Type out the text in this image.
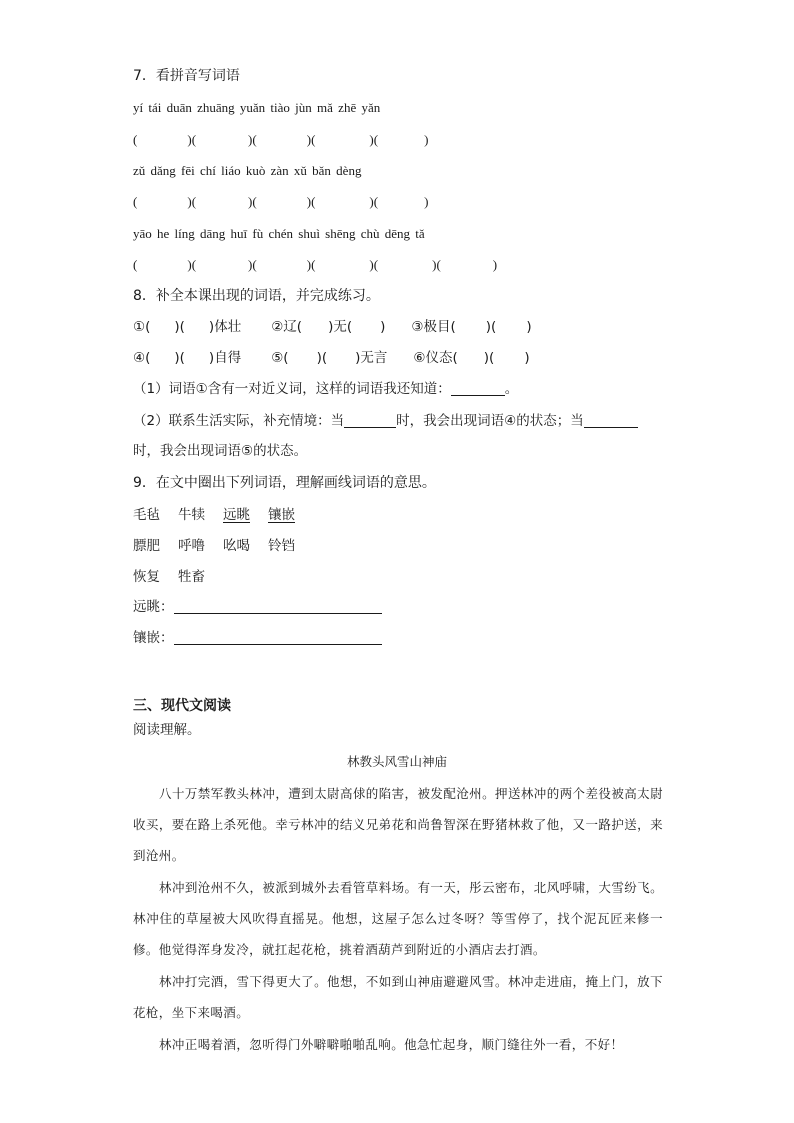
7．看拼音写词语
yí tái duān zhuāng yuǎn tiào jùn mǎ zhē yǎn
(	)(	)(	)(	)(	)
zǔ dǎng fēi chí liáo kuò zàn xǔ bǎn dèng
(	)(	)(	)(	)(	)
yāo he líng dāng huī fù chén shuì shēng chù dēng tǎ
(	)(	)(	)(	)(	)(	)
8．补全本课出现的词语，并完成练习。
①( )( )体壮 ②辽( )无( ) ③极目( )( )
④( )( )自得 ⑤( )( )无言 ⑥仪态( )( )
（1）词语①含有一对近义词，这样的词语我还知道：	。
（2）联系生活实际，补充情境：当	时，我会出现词语④的状态；当
时，我会出现词语⑤的状态。
9．在文中圈出下列词语，理解画线词语的意思。
毛毡 牛犊 远眺 镶嵌
膘肥 呼噜 吆喝 铃铛
恢复 牲畜
远眺：
镶嵌：
三、现代文阅读
阅读理解。
林教头风雪山神庙
八十万禁军教头林冲，遭到太尉高俅的陷害，被发配沧州。押送林冲的两个差役被高太尉收买，要在路上杀死他。幸亏林冲的结义兄弟花和尚鲁智深在野猪林救了他，又一路护送，来到沧州。
林冲到沧州不久，被派到城外去看管草料场。有一天，彤云密布，北风呼啸，大雪纷飞。林冲住的草屋被大风吹得直摇晃。他想，这屋子怎么过冬呀？等雪停了，找个泥瓦匠来修一修。他觉得浑身发冷，就扛起花枪，挑着酒葫芦到附近的小酒店去打酒。
林冲打完酒，雪下得更大了。他想，不如到山神庙避避风雪。林冲走进庙，掩上门，放下花枪，坐下来喝酒。
林冲正喝着酒，忽听得门外噼噼啪啪乱响。他急忙起身，顺门缝往外一看，不好！
